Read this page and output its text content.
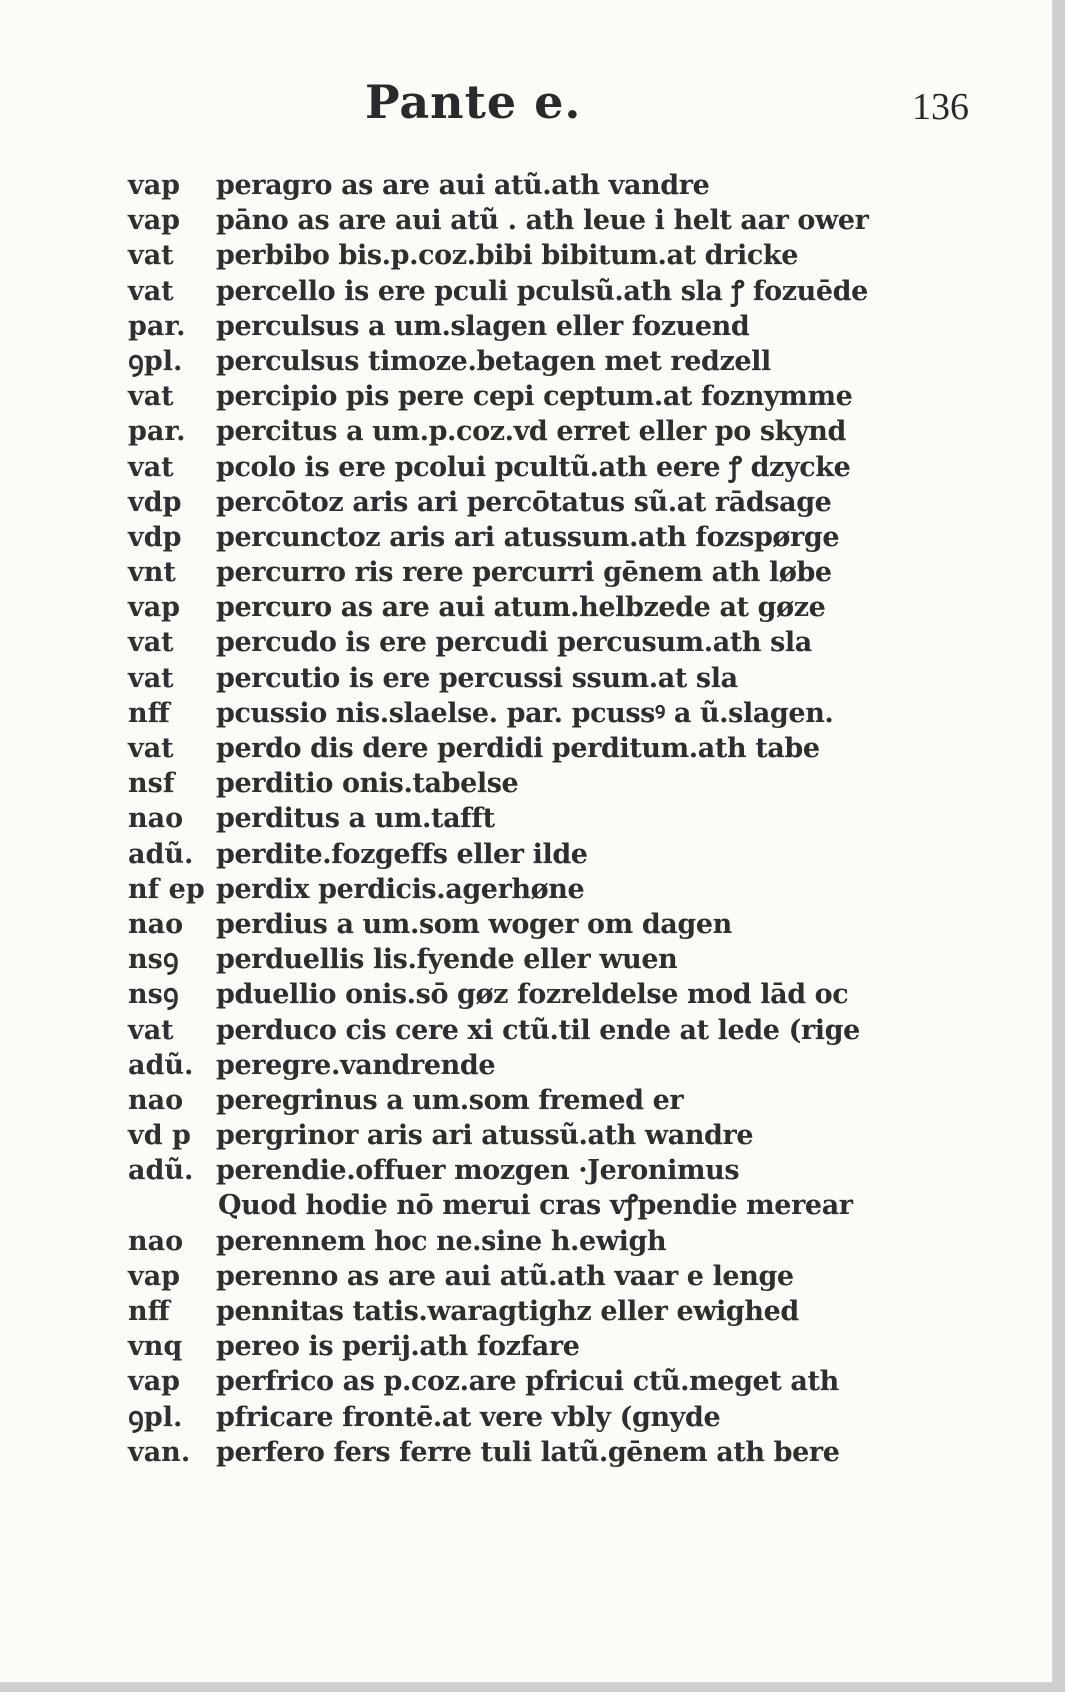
Pante e.	136
vap	peragro as are aui atũ.ath vandre
vap	pāno as are aui atũ . ath leue i helt aar ower
vat	perbibo bis.p.coz.bibi bibitum.at dricke
vat	percello is ere pculi pculsũ.ath sla ꝭ fozuēde
par.	perculsus a um.slagen eller fozuend
ꝯpl.	perculsus timoze.betagen met redzell
vat	percipio pis pere cepi ceptum.at foznymme
par.	percitus a um.p.coz.vd erret eller po skynd
vat	pcolo is ere pcolui pcultũ.ath eere ꝭ dzycke
vdp	percōtoz aris ari percōtatus sũ.at rādsage
vdp	percunctoz aris ari atussum.ath fozspørge
vnt	percurro ris rere percurri gēnem ath løbe
vap	percuro as are aui atum.helbzede at gøze
vat	percudo is ere percudi percusum.ath sla
vat	percutio is ere percussi ssum.at sla
nff	pcussio nis.slaelse. par. pcussꝰ a ũ.slagen.
vat	perdo dis dere perdidi perditum.ath tabe
nsf	perditio onis.tabelse
nao	perditus a um.tafft
adũ. perdite.fozgeffs eller ilde
nf ep perdix perdicis.agerhøne
nao	perdius a um.som woger om dagen
nsꝯ	perduellis lis.fyende eller wuen
nsꝯ	pduellio onis.sō gøz fozreldelse mod lād oc
vat	perduco cis cere xi ctũ.til ende at lede (rige
adũ. peregre.vandrende
nao	peregrinus a um.som fremed er
vd p pergrinor aris ari atussũ.ath wandre
adũ. perendie.offuer mozgen ·Jeronimus
Quod hodie nō merui cras vꝭpendie merear
nao	perennem hoc ne.sine h.ewigh
vap	perenno as are aui atũ.ath vaar e lenge
nff	pennitas tatis.waragtighz eller ewighed
vnq	pereo is perij.ath fozfare
vap	perfrico as p.coz.are pfricui ctũ.meget ath
ꝯpl.	pfricare frontē.at vere vbly (gnyde
van. perfero fers ferre tuli latũ.gēnem ath bere
